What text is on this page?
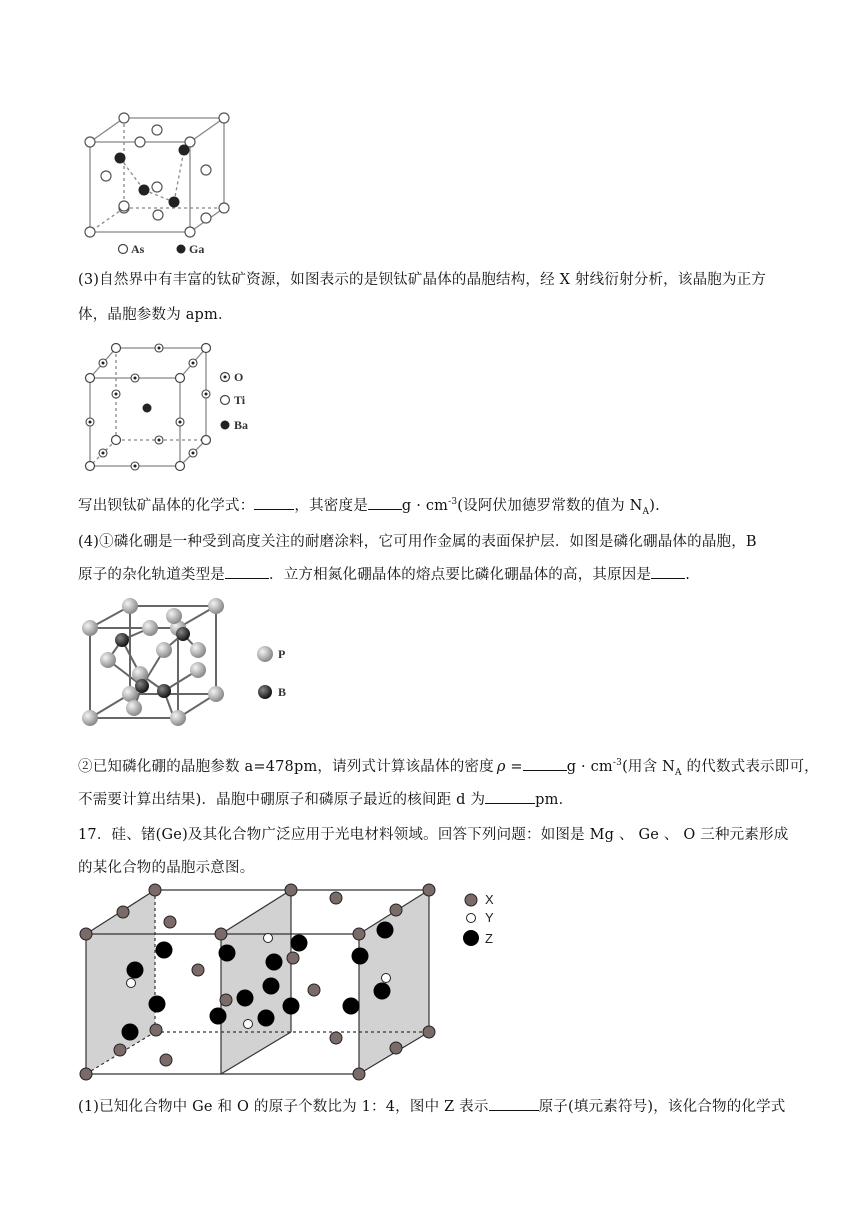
As	Ga
(3)自然界中有丰富的钛矿资源，如图表示的是钡钛矿晶体的晶胞结构，经 X 射线衍射分析，该晶胞为正方
体，晶胞参数为 apm．
O
Ti
Ba
写出钡钛矿晶体的化学式：	，其密度是 $g \cdot cm^{-3}$(设阿伏加德罗常数的值为 $N_A$).
(4)①磷化硼是一种受到高度关注的耐磨涂料，它可用作金属的表面保护层．如图是磷化硼晶体的晶胞，B
原子的杂化轨道类型是	．立方相氮化硼晶体的熔点要比磷化硼晶体的高，其原因是 .
P
B
②已知磷化硼的晶胞参数 a=478pm，请列式计算该晶体的密度 ρ =	$g \cdot cm^{-3}$(用含 $N_A$ 的代数式表示即可，
不需要计算出结果)．晶胞中硼原子和磷原子最近的核间距 d 为	pm．
17．硅、锗(Ge)及其化合物广泛应用于光电材料领域。回答下列问题：如图是 Mg 、 Ge 、 O 三种元素形成
的某化合物的晶胞示意图。
X
Y
Z
(1)已知化合物中 Ge 和 O 的原子个数比为 1：4，图中 Z 表示	原子(填元素符号)，该化合物的化学式
